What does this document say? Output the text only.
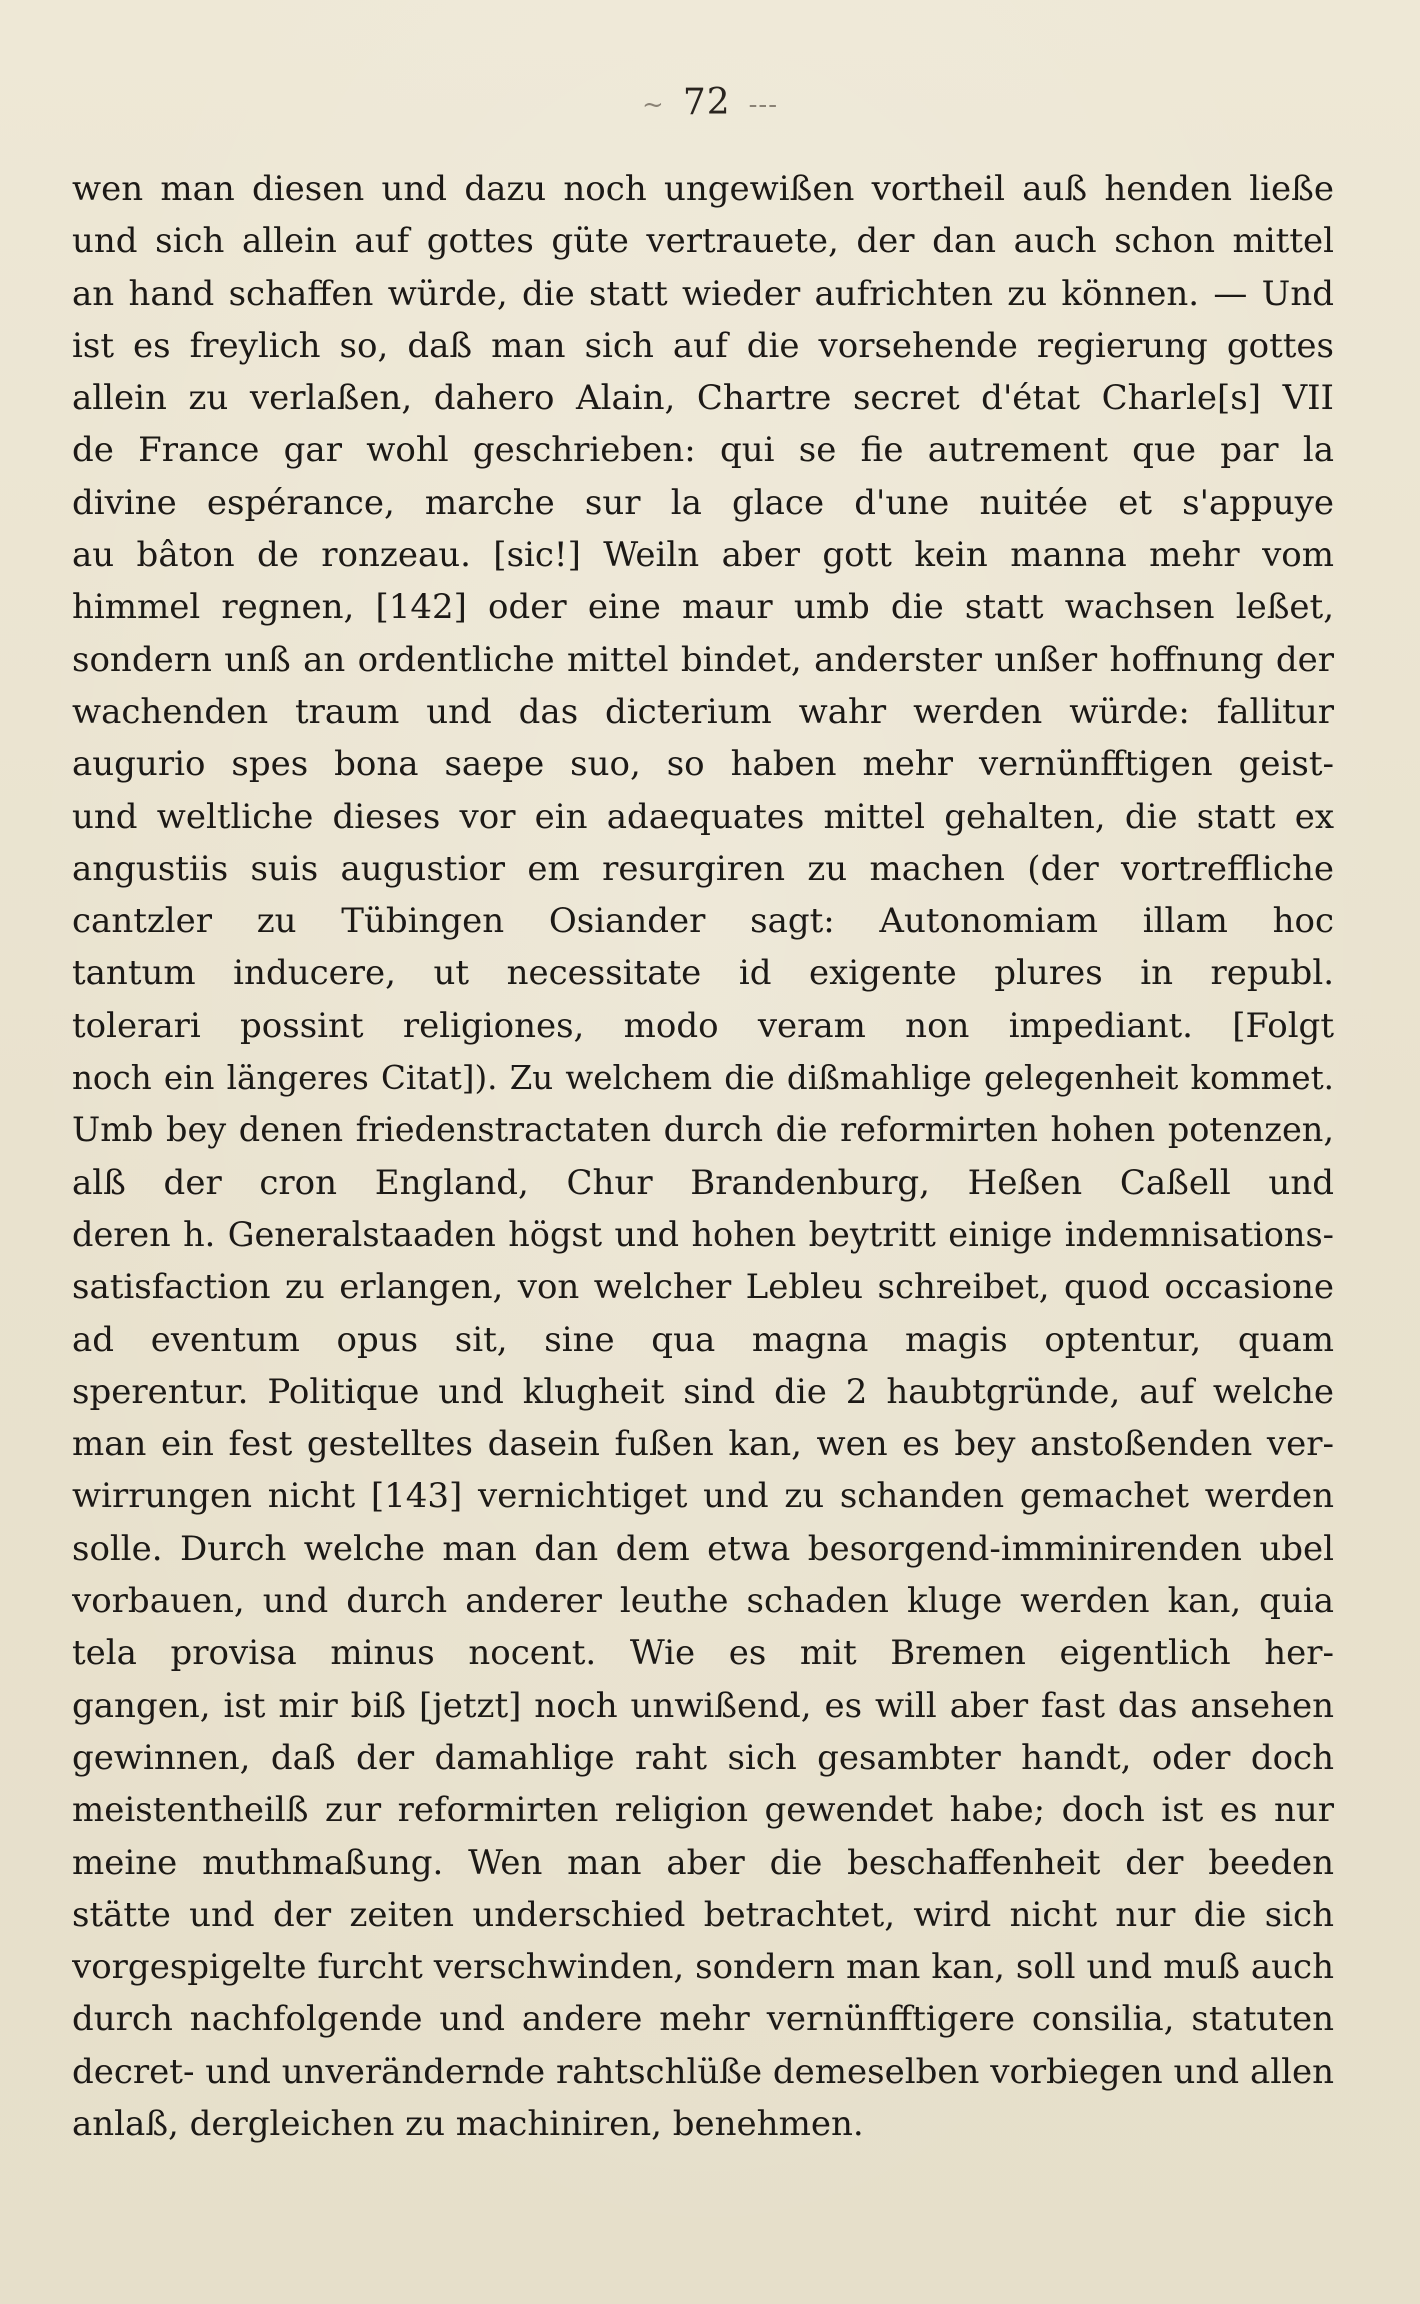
~ 72 ---
wen man diesen und dazu noch ungewißen vortheil auß henden ließe
und sich allein auf gottes güte vertrauete, der dan auch schon mittel
an hand schaffen würde, die statt wieder aufrichten zu können. — Und
ist es freylich so, daß man sich auf die vorsehende regierung gottes
allein zu verlaßen, dahero Alain, Chartre secret d'état Charle[s] VII
de France gar wohl geschrieben: qui se fie autrement que par la
divine espérance, marche sur la glace d'une nuitée et s'appuye
au bâton de ronzeau. [sic!] Weiln aber gott kein manna mehr vom
himmel regnen, [142] oder eine maur umb die statt wachsen leßet,
sondern unß an ordentliche mittel bindet, anderster unßer hoffnung der
wachenden traum und das dicterium wahr werden würde: fallitur
augurio spes bona saepe suo, so haben mehr vernünfftigen geist-
und weltliche dieses vor ein adaequates mittel gehalten, die statt ex
angustiis suis augustior em resurgiren zu machen (der vortreffliche
cantzler zu Tübingen Osiander sagt: Autonomiam illam hoc
tantum inducere, ut necessitate id exigente plures in republ.
tolerari possint religiones, modo veram non impediant. [Folgt
noch ein längeres Citat]). Zu welchem die dißmahlige gelegenheit kommet.
Umb bey denen friedenstractaten durch die reformirten hohen potenzen,
alß der cron England, Chur Brandenburg, Heßen Caßell und
deren h. Generalstaaden högst und hohen beytritt einige indemnisations-
satisfaction zu erlangen, von welcher Lebleu schreibet, quod occasione
ad eventum opus sit, sine qua magna magis optentur, quam
sperentur. Politique und klugheit sind die 2 haubtgründe, auf welche
man ein fest gestelltes dasein fußen kan, wen es bey anstoßenden ver-
wirrungen nicht [143] vernichtiget und zu schanden gemachet werden
solle. Durch welche man dan dem etwa besorgend-imminirenden ubel
vorbauen, und durch anderer leuthe schaden kluge werden kan, quia
tela provisa minus nocent. Wie es mit Bremen eigentlich her-
gangen, ist mir biß [jetzt] noch unwißend, es will aber fast das ansehen
gewinnen, daß der damahlige raht sich gesambter handt, oder doch
meistentheilß zur reformirten religion gewendet habe; doch ist es nur
meine muthmaßung. Wen man aber die beschaffenheit der beeden
stätte und der zeiten underschied betrachtet, wird nicht nur die sich
vorgespigelte furcht verschwinden, sondern man kan, soll und muß auch
durch nachfolgende und andere mehr vernünfftigere consilia, statuten
decret- und unverändernde rahtschlüße demeselben vorbiegen und allen
anlaß, dergleichen zu machiniren, benehmen.
